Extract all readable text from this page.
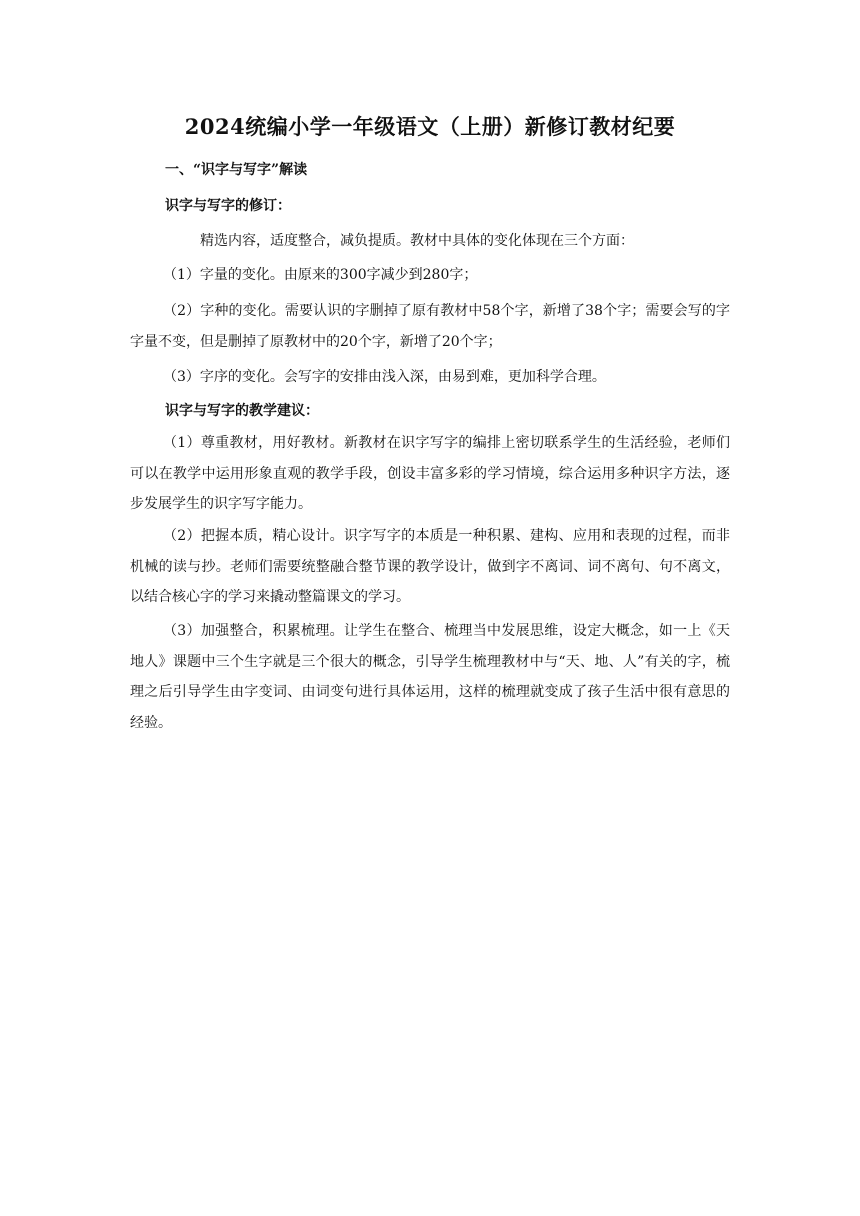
2024统编小学一年级语文（上册）新修订教材纪要
一、“识字与写字”解读
识字与写字的修订：
精选内容，适度整合，减负提质。教材中具体的变化体现在三个方面：
（1）字量的变化。由原来的300字减少到280字；
（2）字种的变化。需要认识的字删掉了原有教材中58个字，新增了38个字；需要会写的字字量不变，但是删掉了原教材中的20个字，新增了20个字；
（3）字序的变化。会写字的安排由浅入深，由易到难，更加科学合理。
识字与写字的教学建议：
（1）尊重教材，用好教材。新教材在识字写字的编排上密切联系学生的生活经验，老师们可以在教学中运用形象直观的教学手段，创设丰富多彩的学习情境，综合运用多种识字方法，逐步发展学生的识字写字能力。
（2）把握本质，精心设计。识字写字的本质是一种积累、建构、应用和表现的过程，而非机械的读与抄。老师们需要统整融合整节课的教学设计，做到字不离词、词不离句、句不离文，以结合核心字的学习来撬动整篇课文的学习。
（3）加强整合，积累梳理。让学生在整合、梳理当中发展思维，设定大概念，如一上《天地人》课题中三个生字就是三个很大的概念，引导学生梳理教材中与“天、地、人”有关的字，梳理之后引导学生由字变词、由词变句进行具体运用，这样的梳理就变成了孩子生活中很有意思的经验。
